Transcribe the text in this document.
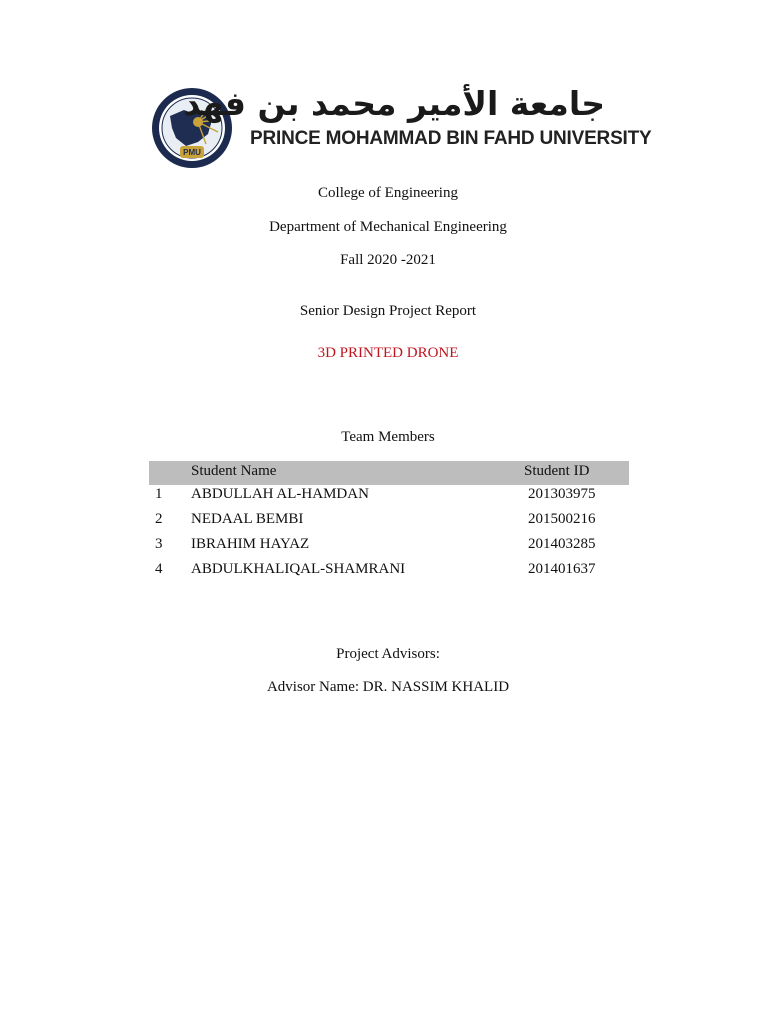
PMU
جامعة الأمير محمد بن فهد
PRINCE MOHAMMAD BIN FAHD UNIVERSITY
College of Engineering
Department of Mechanical Engineering
Fall 2020 -2021
Senior Design Project Report
3D PRINTED DRONE
Team Members
Student Name	Student ID
1 ABDULLAH AL-HAMDAN	201303975
2 NEDAAL BEMBI	201500216
3 IBRAHIM HAYAZ	201403285
4 ABDULKHALIQAL-SHAMRANI	201401637
Project Advisors:
Advisor Name: DR. NASSIM KHALID
